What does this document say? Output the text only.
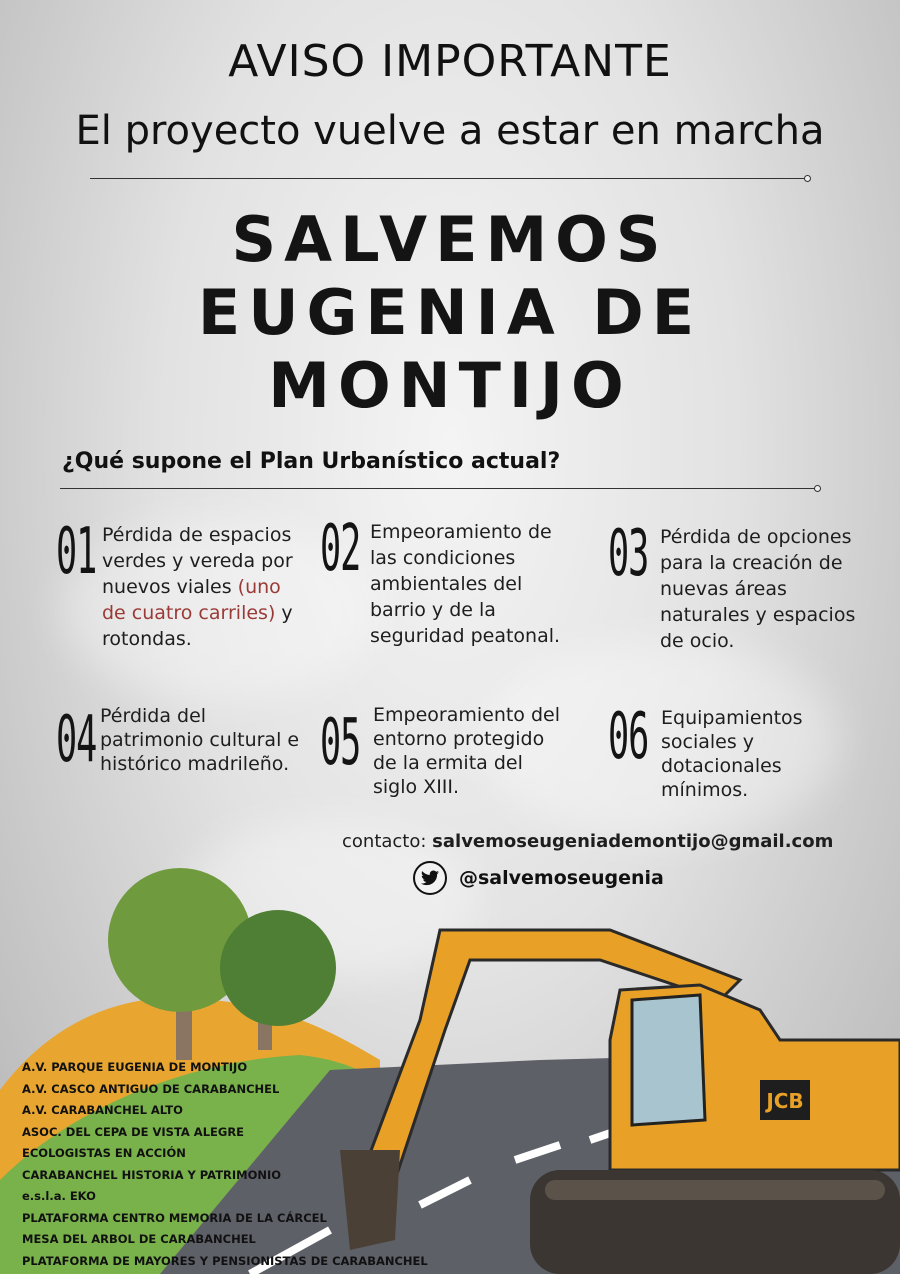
JCB
AVISO IMPORTANTE
El proyecto vuelve a estar en marcha
SALVEMOS
EUGENIA DE
MONTIJO
¿Qué supone el Plan Urbanístico actual?
01 Pérdida de espacios verdes y vereda por nuevos viales (uno de cuatro carriles) y rotondas.
02 Empeoramiento de las condiciones ambientales del barrio y de la seguridad peatonal.
03 Pérdida de opciones para la creación de nuevas áreas naturales y espacios de ocio.
04 Pérdida del patrimonio cultural e histórico madrileño. 05 Empeoramiento del entorno protegido de la ermita del siglo XIII.
06 Equipamientos sociales y dotacionales mínimos.
contacto: salvemoseugeniademontijo@gmail.com
@salvemoseugenia
A.V. PARQUE EUGENIA DE MONTIJO
A.V. CASCO ANTIGUO DE CARABANCHEL
A.V. CARABANCHEL ALTO
ASOC. DEL CEPA DE VISTA ALEGRE
ECOLOGISTAS EN ACCIÓN
CARABANCHEL HISTORIA Y PATRIMONIO
e.s.l.a. EKO
PLATAFORMA CENTRO MEMORIA DE LA CÁRCEL
MESA DEL ARBOL DE CARABANCHEL
PLATAFORMA DE MAYORES Y PENSIONISTAS DE CARABANCHEL
